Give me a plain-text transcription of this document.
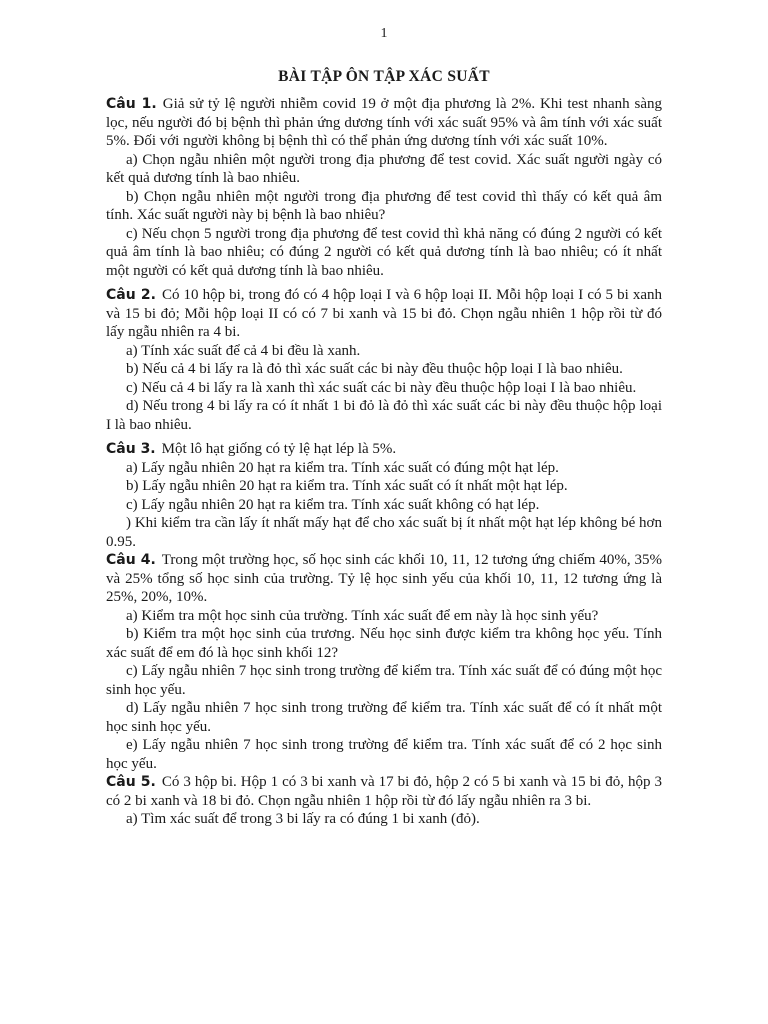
1
BÀI TẬP ÔN TẬP XÁC SUẤT

Câu 1. Giả sử tỷ lệ người nhiễm covid 19 ở một địa phương là 2%. Khi test nhanh sàng lọc, nếu người đó bị bệnh thì phản ứng dương tính với xác suất 95% và âm tính với xác suất 5%. Đối với người không bị bệnh thì có thể phản ứng dương tính với xác suất 10%.

a) Chọn ngẫu nhiên một người trong địa phương để test covid. Xác suất người ngày có kết quả dương tính là bao nhiêu.

b) Chọn ngẫu nhiên một người trong địa phương để test covid thì thấy có kết quả âm tính. Xác suất người này bị bệnh là bao nhiêu?

c) Nếu chọn 5 người trong địa phương để test covid thì khả năng có đúng 2 người có kết quả âm tính là bao nhiêu; có đúng 2 người có kết quả dương tính là bao nhiêu; có ít nhất một người có kết quả dương tính là bao nhiêu.

Câu 2. Có 10 hộp bi, trong đó có 4 hộp loại I và 6 hộp loại II. Mỗi hộp loại I có 5 bi xanh và 15 bi đỏ; Mỗi hộp loại II có có 7 bi xanh và 15 bi đỏ. Chọn ngẫu nhiên 1 hộp rồi từ đó lấy ngẫu nhiên ra 4 bi.

a) Tính xác suất để cả 4 bi đều là xanh.

b) Nếu cả 4 bi lấy ra là đỏ thì xác suất các bi này đều thuộc hộp loại I là bao nhiêu.

c) Nếu cả 4 bi lấy ra là xanh thì xác suất các bi này đều thuộc hộp loại I là bao nhiêu.

d) Nếu trong 4 bi lấy ra có ít nhất 1 bi đỏ là đỏ thì xác suất các bi này đều thuộc hộp loại I là bao nhiêu.

Câu 3. Một lô hạt giống có tỷ lệ hạt lép là 5%.

a) Lấy ngẫu nhiên 20 hạt ra kiểm tra. Tính xác suất có đúng một hạt lép.

b) Lấy ngẫu nhiên 20 hạt ra kiểm tra. Tính xác suất có ít nhất một hạt lép.

c) Lấy ngẫu nhiên 20 hạt ra kiểm tra. Tính xác suất không có hạt lép.

) Khi kiểm tra cần lấy ít nhất mấy hạt để cho xác suất bị ít nhất một hạt lép không bé hơn 0.95.

Câu 4. Trong một trường học, số học sinh các khối 10, 11, 12 tương ứng chiếm 40%, 35% và 25% tổng số học sinh của trường. Tỷ lệ học sinh yếu của khối 10, 11, 12 tương ứng là 25%, 20%, 10%.

a) Kiểm tra một học sinh của trường. Tính xác suất để em này là học sinh yếu?

b) Kiểm tra một học sinh của trương. Nếu học sinh được kiểm tra không học yếu. Tính xác suất để em đó là học sinh khối 12?

c) Lấy ngẫu nhiên 7 học sinh trong trường để kiểm tra. Tính xác suất để có đúng một học sinh học yếu.

d) Lấy ngẫu nhiên 7 học sinh trong trường để kiểm tra. Tính xác suất để có ít nhất một học sinh học yếu.

e) Lấy ngẫu nhiên 7 học sinh trong trường để kiểm tra. Tính xác suất để có 2 học sinh học yếu.

Câu 5. Có 3 hộp bi. Hộp 1 có 3 bi xanh và 17 bi đỏ, hộp 2 có 5 bi xanh và 15 bi đỏ, hộp 3 có 2 bi xanh và 18 bi đỏ. Chọn ngẫu nhiên 1 hộp rồi từ đó lấy ngẫu nhiên ra 3 bi.

a) Tìm xác suất để trong 3 bi lấy ra có đúng 1 bi xanh (đỏ).
